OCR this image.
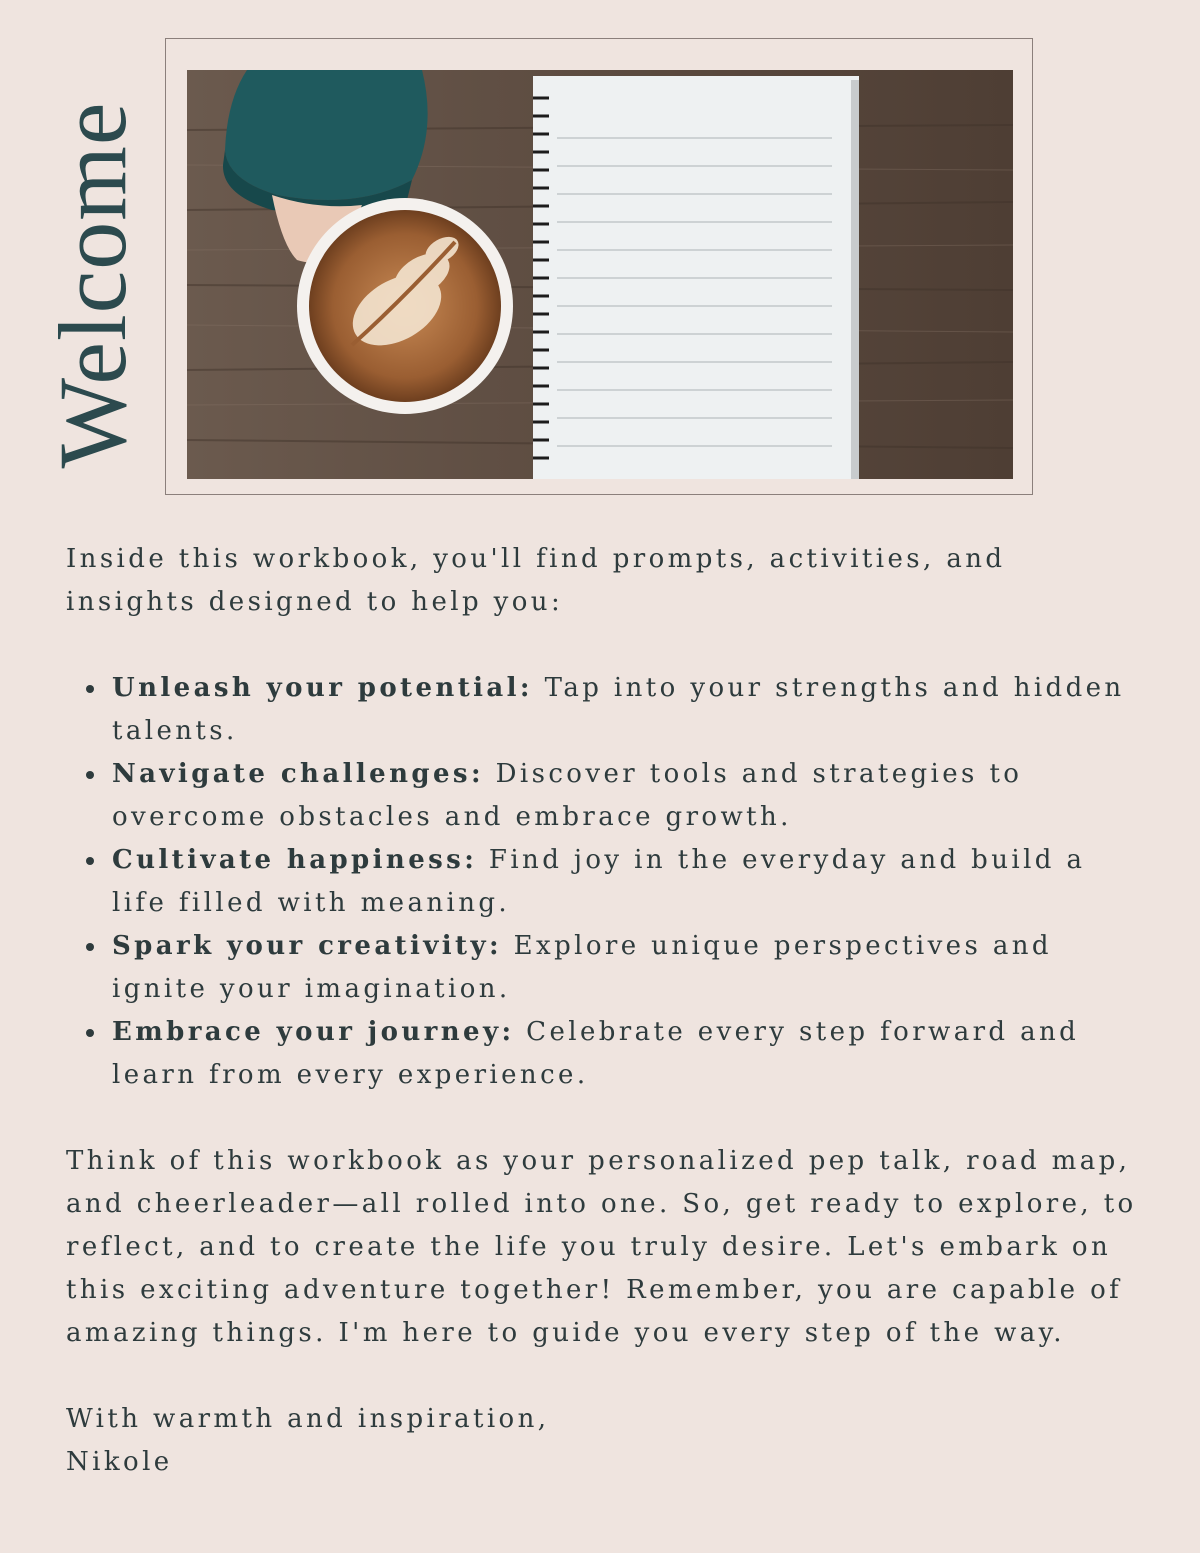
Welcome

Inside this workbook, you'll find prompts, activities, and insights designed to help you:

Unleash your potential: Tap into your strengths and hidden talents.
Navigate challenges: Discover tools and strategies to overcome obstacles and embrace growth.
Cultivate happiness: Find joy in the everyday and build a life filled with meaning.
Spark your creativity: Explore unique perspectives and ignite your imagination.
Embrace your journey: Celebrate every step forward and learn from every experience.

Think of this workbook as your personalized pep talk, road map, and cheerleader—all rolled into one. So, get ready to explore, to reflect, and to create the life you truly desire. Let's embark on this exciting adventure together! Remember, you are capable of amazing things. I'm here to guide you every step of the way.

With warmth and inspiration,

Nikole
